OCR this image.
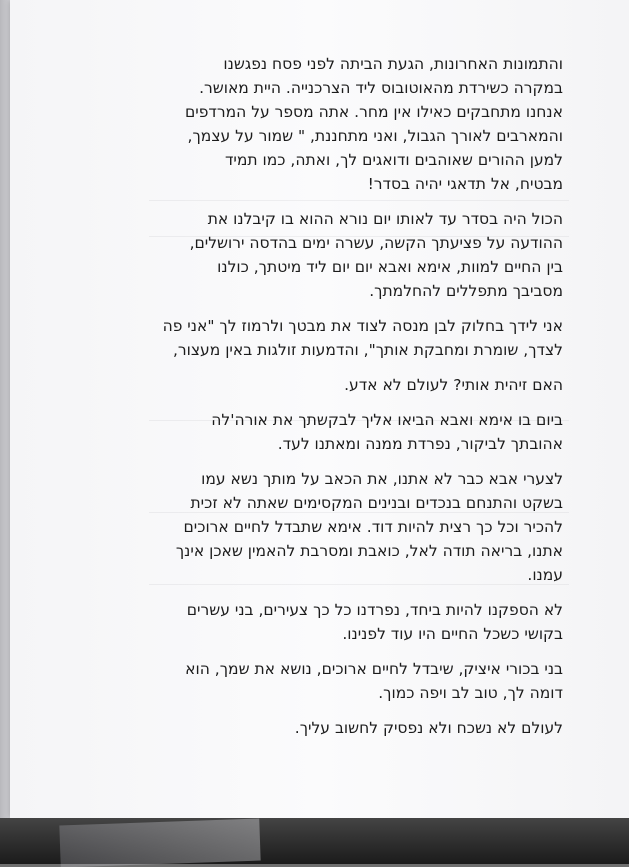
והתמונות האחרונות, הגעת הביתה לפני פסח נפגשנו
במקרה כשירדת מהאוטובוס ליד הצרכנייה. היית מאושר.
אנחנו מתחבקים כאילו אין מחר. אתה מספר על המרדפים
והמארבים לאורך הגבול, ואני מתחננת, " שמור על עצמך,
למען ההורים שאוהבים ודואגים לך, ואתה, כמו תמיד
מבטיח, אל תדאגי יהיה בסדר!
הכול היה בסדר עד לאותו יום נורא ההוא בו קיבלנו את
ההודעה על פציעתך הקשה, עשרה ימים בהדסה ירושלים,
בין החיים למוות, אימא ואבא יום יום ליד מיטתך, כולנו
מסביבך מתפללים להחלמתך.
אני לידך בחלוק לבן מנסה לצוד את מבטך ולרמוז לך "אני פה
לצדך, שומרת ומחבקת אותך", והדמעות זולגות באין מעצור,
האם זיהית אותי? לעולם לא אדע.
ביום בו אימא ואבא הביאו אליך לבקשתך את אורה'לה
אהובתך לביקור, נפרדת ממנה ומאתנו לעד.
לצערי אבא כבר לא אתנו, את הכאב על מותך נשא עמו
בשקט והתנחם בנכדים ובנינים המקסימים שאתה לא זכית
להכיר וכל כך רצית להיות דוד. אימא שתבדל לחיים ארוכים
אתנו, בריאה תודה לאל, כואבת ומסרבת להאמין שאכן אינך
עמנו.
לא הספקנו להיות ביחד, נפרדנו כל כך צעירים, בני עשרים
בקושי כשכל החיים היו עוד לפנינו.
בני בכורי איציק, שיבדל לחיים ארוכים, נושא את שמך, הוא
דומה לך, טוב לב ויפה כמוך.
לעולם לא נשכח ולא נפסיק לחשוב עליך.
